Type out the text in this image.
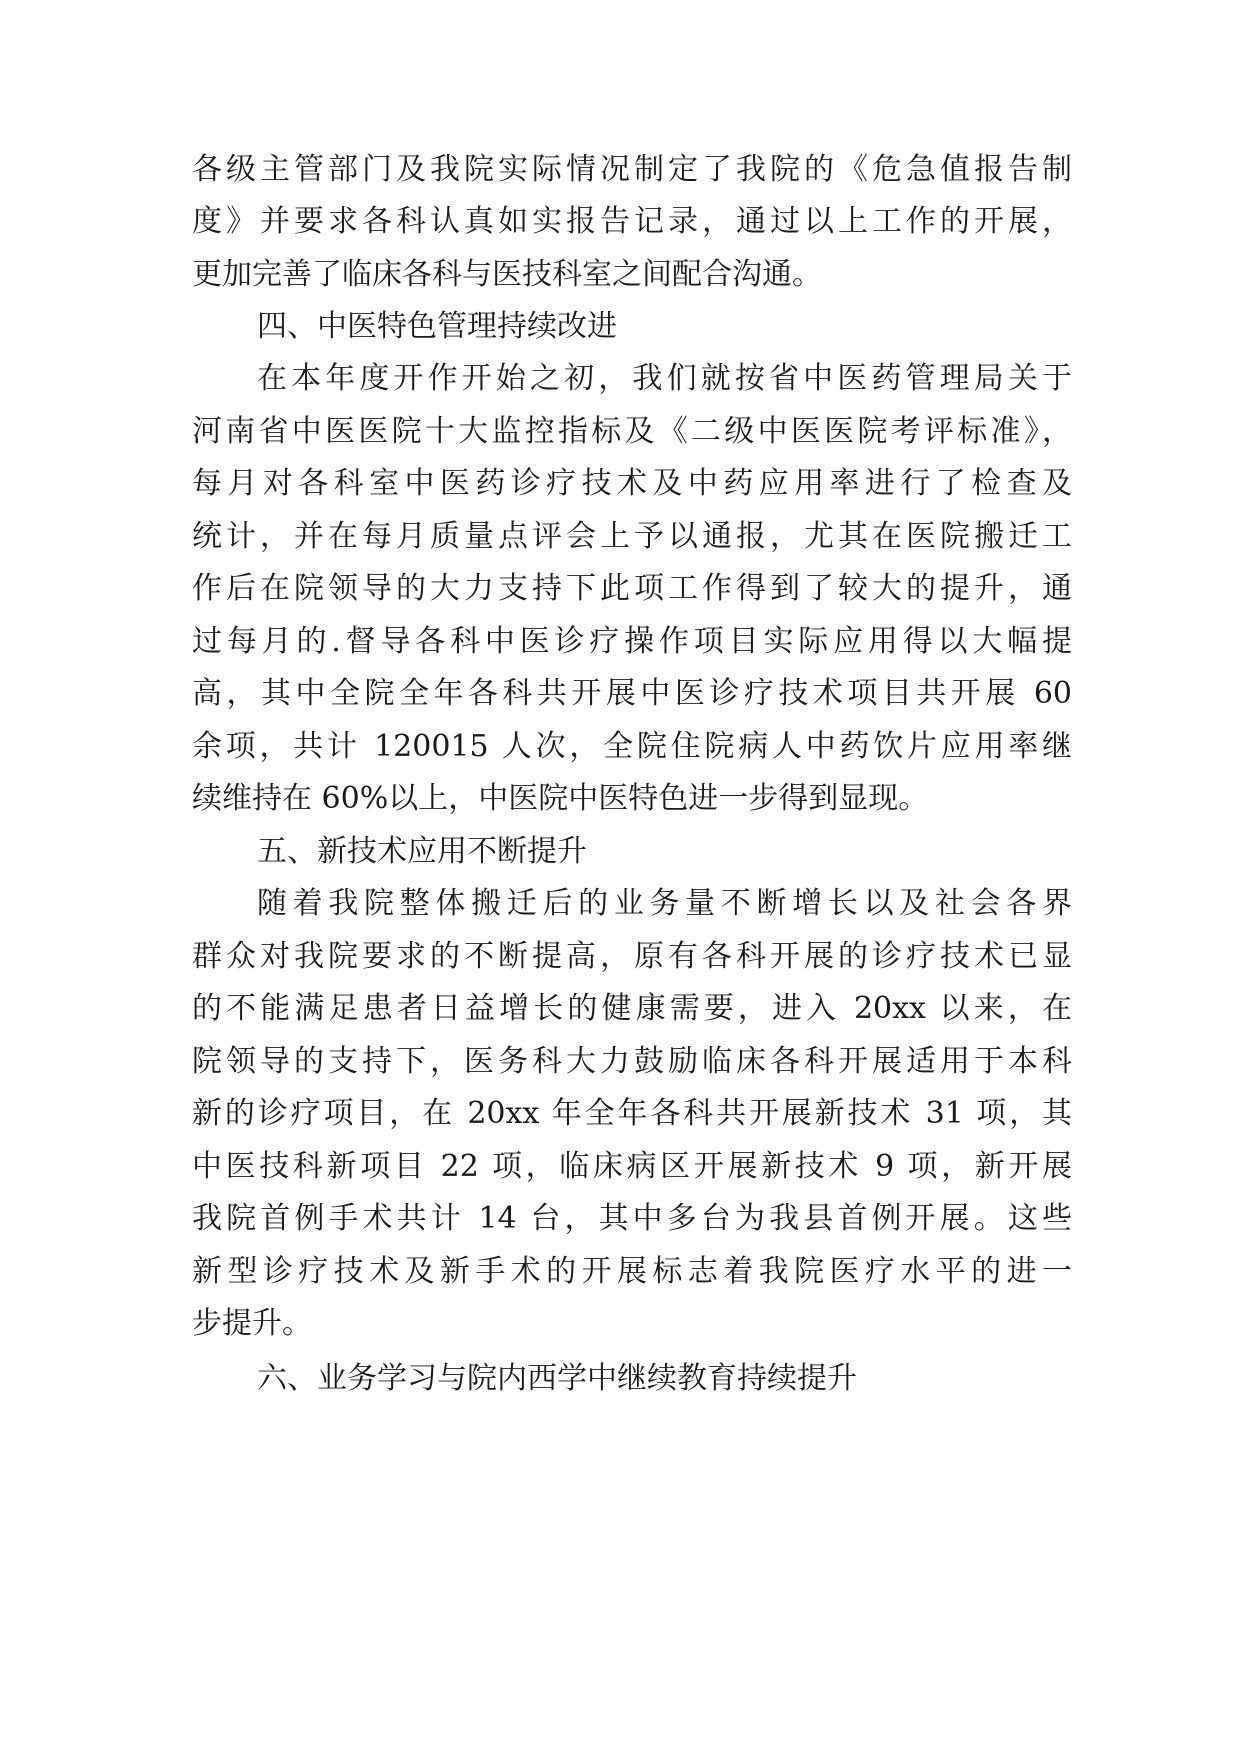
各级主管部门及我院实际情况制定了我院的《危急值报告制
度》并要求各科认真如实报告记录，通过以上工作的开展，
更加完善了临床各科与医技科室之间配合沟通。
四、中医特色管理持续改进
在本年度开作开始之初，我们就按省中医药管理局关于
河南省中医医院十大监控指标及《二级中医医院考评标准》，
每月对各科室中医药诊疗技术及中药应用率进行了检查及
统计，并在每月质量点评会上予以通报，尤其在医院搬迁工
作后在院领导的大力支持下此项工作得到了较大的提升，通
过每月的.督导各科中医诊疗操作项目实际应用得以大幅提
高，其中全院全年各科共开展中医诊疗技术项目共开展 60
余项，共计 120015 人次，全院住院病人中药饮片应用率继
续维持在 60%以上，中医院中医特色进一步得到显现。
五、新技术应用不断提升
随着我院整体搬迁后的业务量不断增长以及社会各界
群众对我院要求的不断提高，原有各科开展的诊疗技术已显
的不能满足患者日益增长的健康需要，进入 20xx 以来，在
院领导的支持下，医务科大力鼓励临床各科开展适用于本科
新的诊疗项目，在 20xx 年全年各科共开展新技术 31 项，其
中医技科新项目 22 项，临床病区开展新技术 9 项，新开展
我院首例手术共计 14 台，其中多台为我县首例开展。这些
新型诊疗技术及新手术的开展标志着我院医疗水平的进一
步提升。
六、业务学习与院内西学中继续教育持续提升
